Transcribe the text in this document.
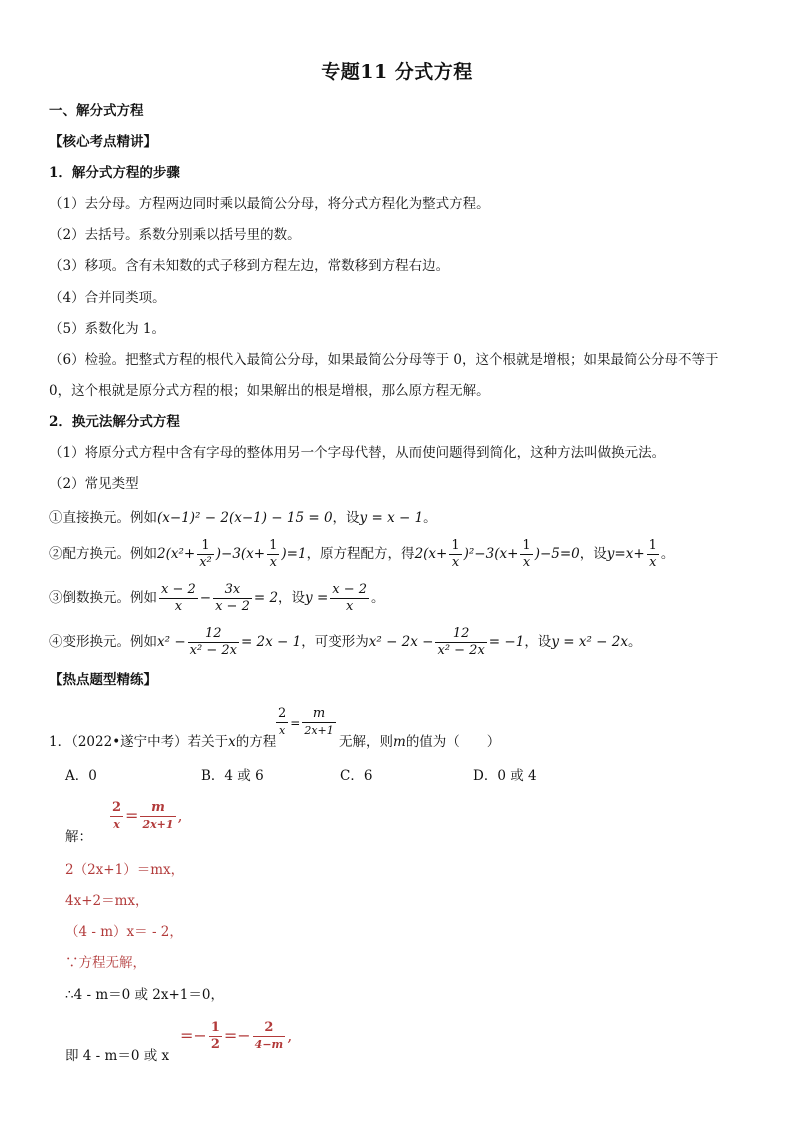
专题11 分式方程
一、解分式方程
【核心考点精讲】
1．解分式方程的步骤
（1）去分母。方程两边同时乘以最简公分母，将分式方程化为整式方程。
（2）去括号。系数分别乘以括号里的数。
（3）移项。含有未知数的式子移到方程左边，常数移到方程右边。
（4）合并同类项。
（5）系数化为 1。
（6）检验。把整式方程的根代入最简公分母，如果最简公分母等于 0，这个根就是增根；如果最简公分母不等于
0，这个根就是原分式方程的根；如果解出的根是增根，那么原方程无解。
2．换元法解分式方程
（1）将原分式方程中含有字母的整体用另一个字母代替，从而使问题得到简化，这种方法叫做换元法。
（2）常见类型
①直接换元。例如(x−1)² − 2(x−1) − 15 = 0，设y = x − 1。
②配方换元。例如$2(x^2+ \frac{1}{\text{x²}} )-3(x+ \frac{1}{x} )=1$，原方程配方，得$2(x+ \frac{1}{x} )^2-3(x+ \frac{1}{x} )-5=0$，设$y=x+ \frac{1}{x}$ 。
③倒数换元。例如 $\frac{x - 2}{x} - \frac{3x}{x - 2} = 2$，设$y = \frac{x - 2}{x}$ 。
④变形换元。例如$x^2 - \frac{12}{\text{x² − 2x}} = 2x - 1$，可变形为$x^2 - 2x - \frac{12}{\text{x² − 2x}} = -1$，设y = x² − 2x。
【热点题型精练】
1．（2022•遂宁中考）若关于x的方程
$\frac{2}{x} = \frac{m}{2x+1}$
无解，则m的值为（　　）
A．0	B．4 或 6	C．6	D．0 或 4
解：
$\frac{2}{x} = \frac{m}{2x+1}$ ,
2（2x+1）＝mx，
4x+2＝mx，
（4 - m）x＝ - 2，
∵方程无解，
∴4 - m＝0 或 2x+1＝0，
即 4 - m＝0 或 x
=− $\frac{1}{2} =- \frac{2}{4-m}$ ,
